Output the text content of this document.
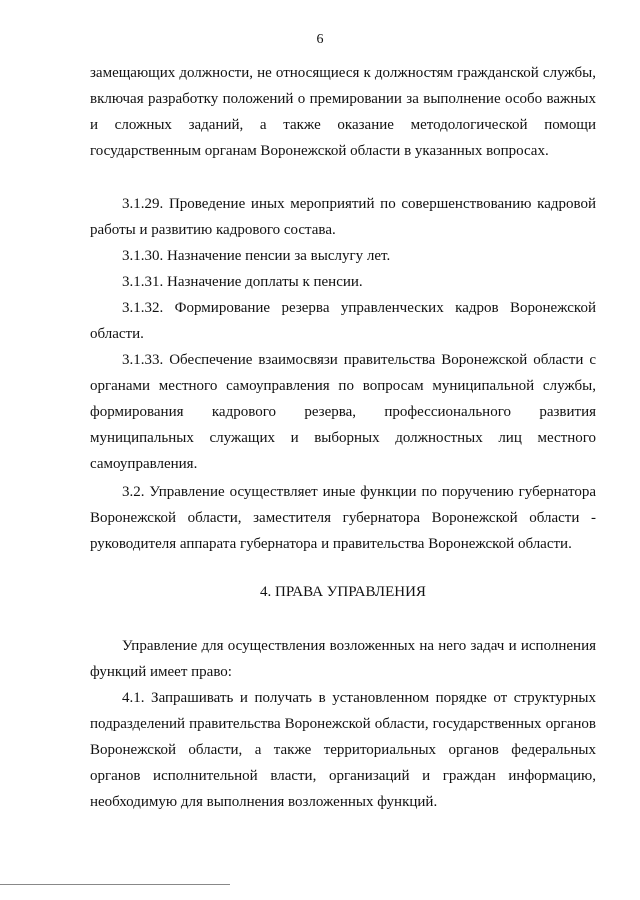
6

замещающих должности, не относящиеся к должностям гражданской службы, включая разработку положений о премировании за выполнение особо важных и сложных заданий, а также оказание методологической помощи государственным органам Воронежской области в указанных вопросах.

3.1.29. Проведение иных мероприятий по совершенствованию кадровой работы и развитию кадрового состава.

3.1.30. Назначение пенсии за выслугу лет.

3.1.31. Назначение доплаты к пенсии.

3.1.32. Формирование резерва управленческих кадров Воронежской области.

3.1.33. Обеспечение взаимосвязи правительства Воронежской области с органами местного самоуправления по вопросам муниципальной службы, формирования кадрового резерва, профессионального развития муниципальных служащих и выборных должностных лиц местного самоуправления.

3.2. Управление осуществляет иные функции по поручению губернатора Воронежской области, заместителя губернатора Воронежской области - руководителя аппарата губернатора и правительства Воронежской области.

4. ПРАВА УПРАВЛЕНИЯ

Управление для осуществления возложенных на него задач и исполнения функций имеет право:

4.1. Запрашивать и получать в установленном порядке от структурных подразделений правительства Воронежской области, государственных органов Воронежской области, а также территориальных органов федеральных органов исполнительной власти, организаций и граждан информацию, необходимую для выполнения возложенных функций.
